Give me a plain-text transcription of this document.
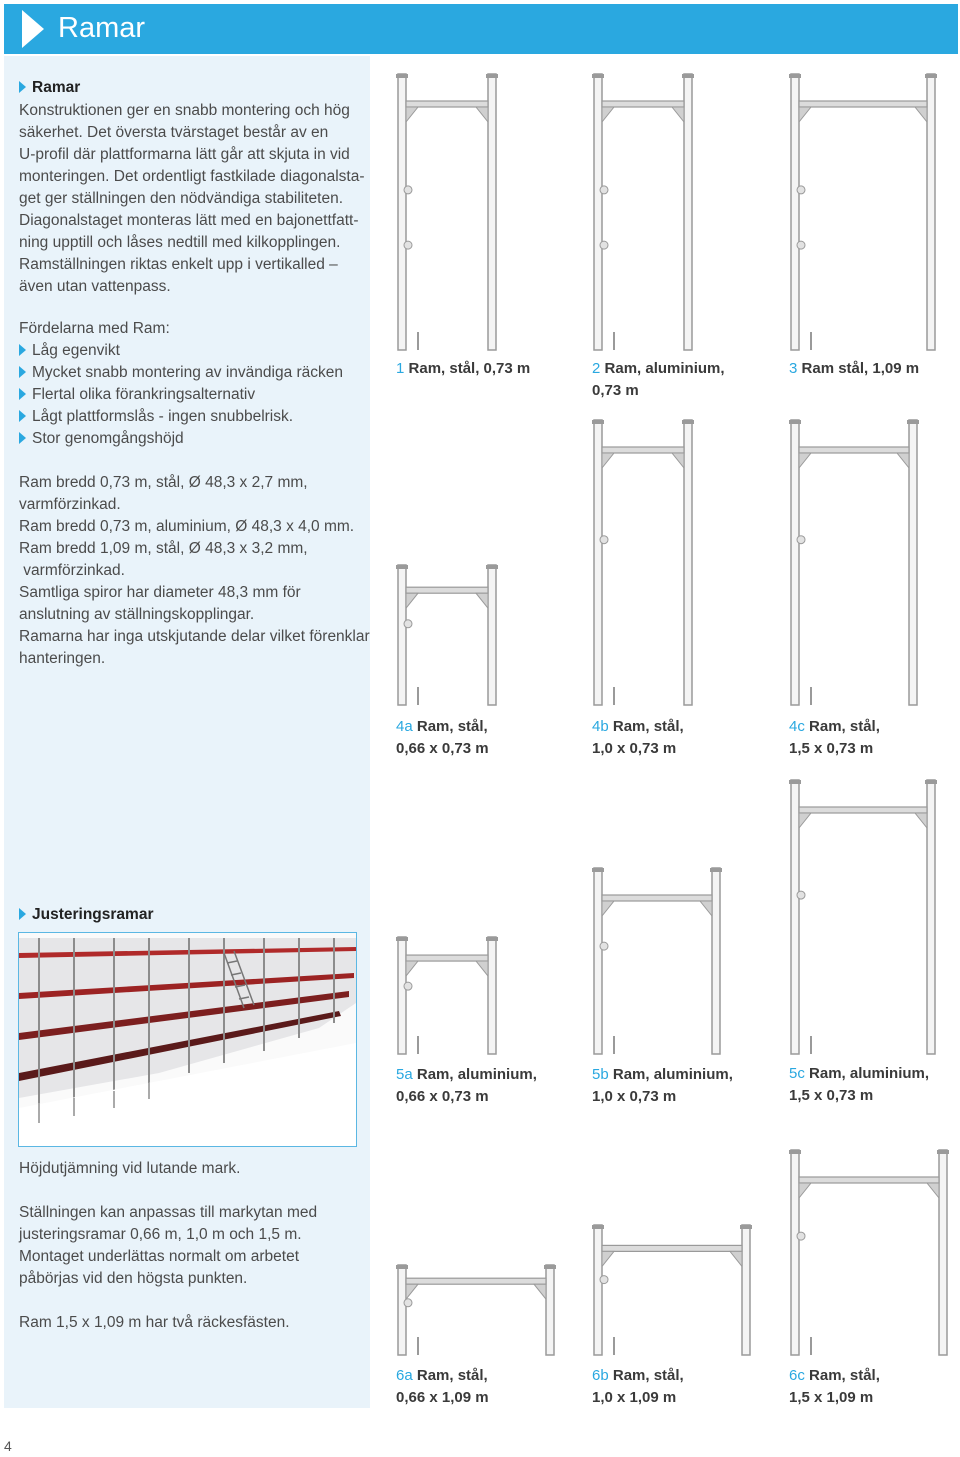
Ramar
Ramar
Konstruktionen ger en snabb montering och hög
säkerhet. Det översta tvärstaget består av en
U-profil där plattformarna lätt går att skjuta in vid
monteringen. Det ordentligt fastkilade diagonalsta-
get ger ställningen den nödvändiga stabiliteten.
Diagonalstaget monteras lätt med en bajonettfatt-
ning upptill och låses nedtill med kilkopplingen.
Ramställningen riktas enkelt upp i vertikalled –
även utan vattenpass.
Fördelarna med Ram:
Låg egenvikt
Mycket snabb montering av invändiga räcken
Flertal olika förankringsalternativ
Lågt plattformslås - ingen snubbelrisk.
Stor genomgångshöjd
Ram bredd 0,73 m, stål, Ø 48,3 x 2,7 mm,
varmförzinkad.
Ram bredd 0,73 m, aluminium, Ø 48,3 x 4,0 mm.
Ram bredd 1,09 m, stål, Ø 48,3 x 3,2 mm,
varmförzinkad.
Samtliga spiror har diameter 48,3 mm för
anslutning av ställningskopplingar.
Ramarna har inga utskjutande delar vilket förenklar
hanteringen.
Justeringsramar
Höjdutjämning vid lutande mark.
Ställningen kan anpassas till markytan med
justeringsramar 0,66 m, 1,0 m och 1,5 m.
Montaget underlättas normalt om arbetet
påbörjas vid den högsta punkten.
Ram 1,5 x 1,09 m har två räckesfästen.
4
1 Ram, stål, 0,73 m	2 Ram, aluminium,
0,73 m
3 Ram stål, 1,09 m
4a Ram, stål,
0,66 x 0,73 m
4b Ram, stål,
1,0 x 0,73 m
4c Ram, stål,
1,5 x 0,73 m
5a Ram, aluminium,
0,66 x 0,73 m
5b Ram, aluminium,
1,0 x 0,73 m
5c Ram, aluminium,
1,5 x 0,73 m
6a Ram, stål,
0,66 x 1,09 m
6b Ram, stål,
1,0 x 1,09 m
6c Ram, stål,
1,5 x 1,09 m
